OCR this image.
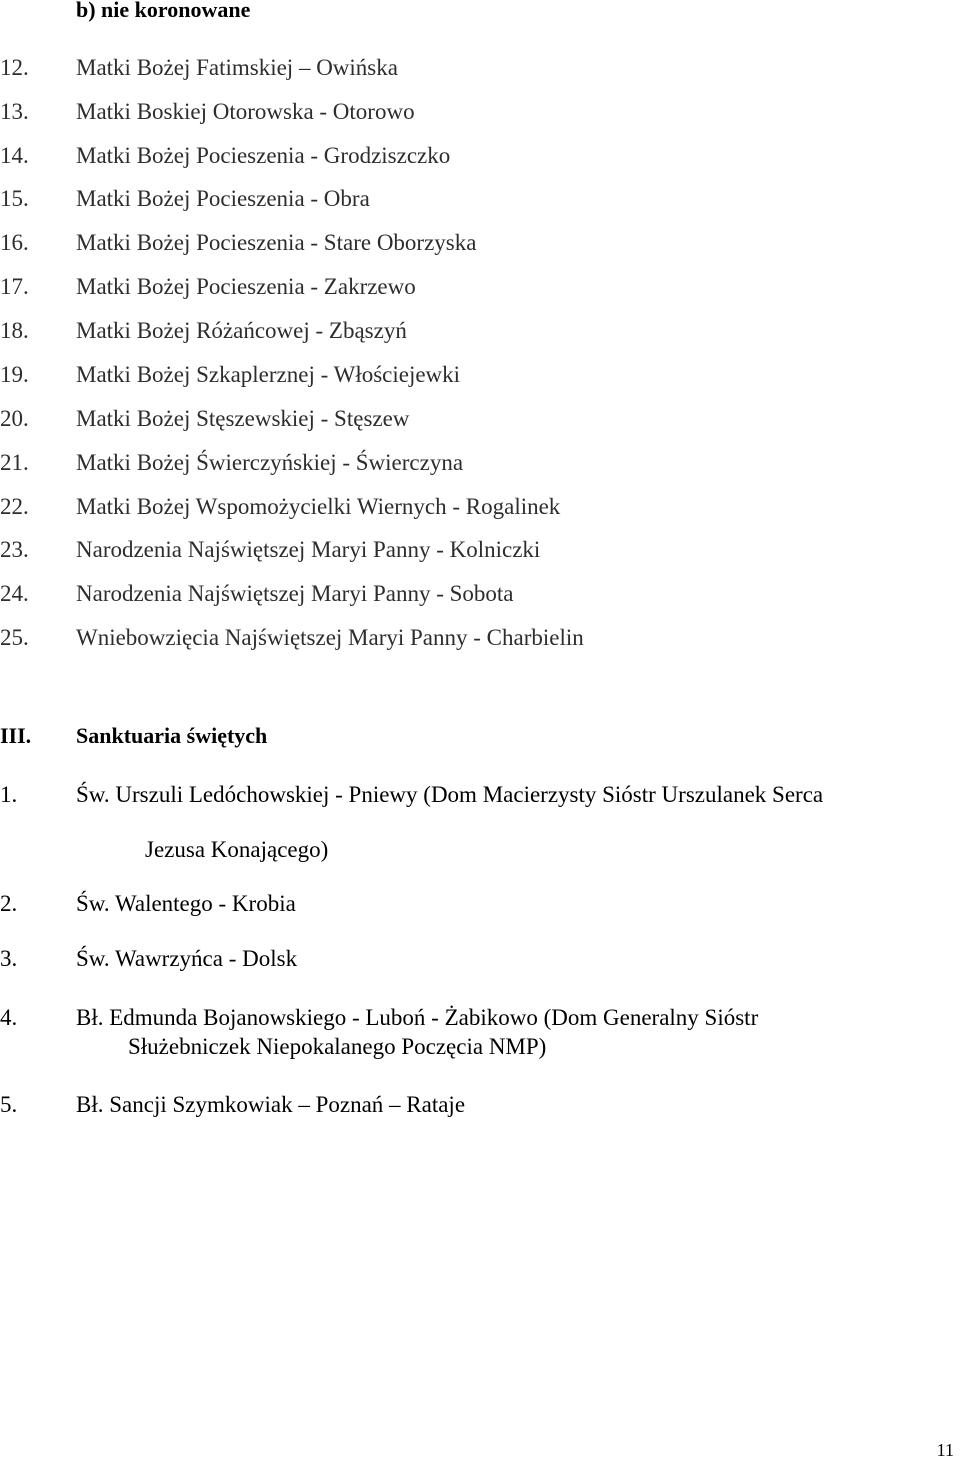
b) nie koronowane
12. Matki Bożej Fatimskiej – Owińska
13. Matki Boskiej Otorowska - Otorowo
14. Matki Bożej Pocieszenia - Grodziszczko
15. Matki Bożej Pocieszenia - Obra
16. Matki Bożej Pocieszenia - Stare Oborzyska
17. Matki Bożej Pocieszenia - Zakrzewo
18. Matki Bożej Różańcowej - Zbąszyń
19. Matki Bożej Szkaplerznej - Włościejewki
20. Matki Bożej Stęszewskiej - Stęszew
21. Matki Bożej Świerczyńskiej - Świerczyna
22. Matki Bożej Wspomożycielki Wiernych - Rogalinek
23. Narodzenia Najświętszej Maryi Panny - Kolniczki
24. Narodzenia Najświętszej Maryi Panny - Sobota
25. Wniebowzięcia Najświętszej Maryi Panny - Charbielin
III. Sanktuaria świętych
1.	Św. Urszuli Ledóchowskiej - Pniewy (Dom Macierzysty Sióstr Urszulanek Serca
Jezusa Konającego)
2.	Św. Walentego - Krobia
3.	Św. Wawrzyńca - Dolsk
4.	Bł. Edmunda Bojanowskiego - Luboń - Żabikowo (Dom Generalny Sióstr
Służebniczek Niepokalanego Poczęcia NMP)
5.	Bł. Sancji Szymkowiak – Poznań – Rataje
11
